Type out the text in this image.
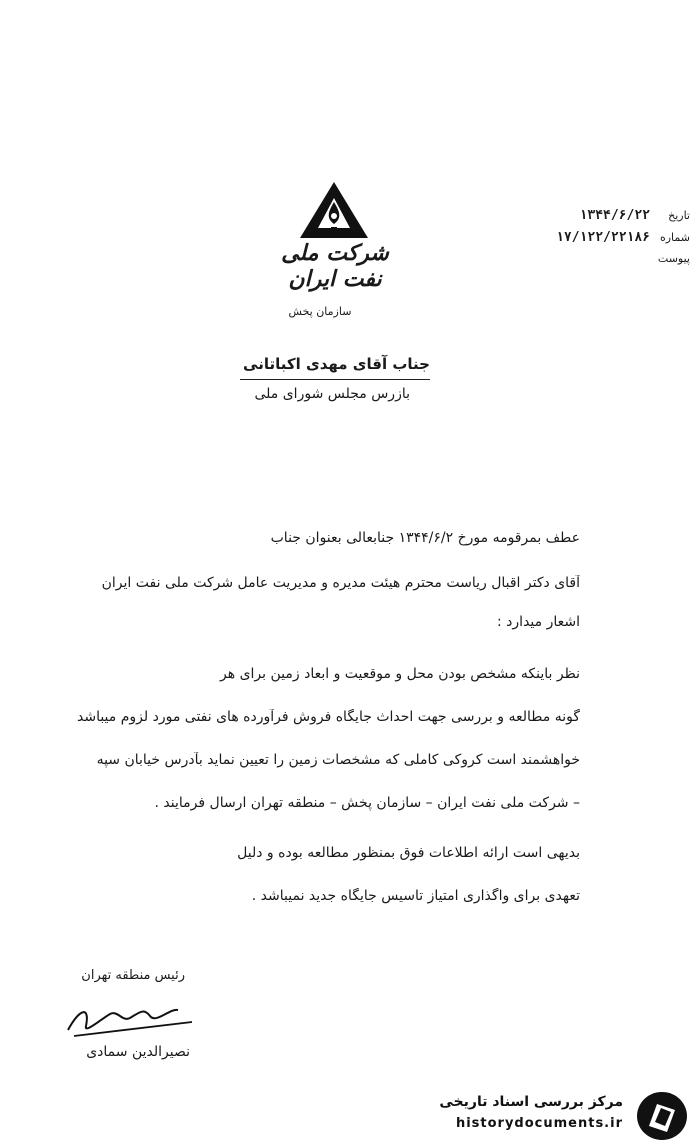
شرکت ملی نفت ایران
سازمان پخش
تاریخ
۱۳۴۴/۶/۲۲
شماره
۱۷/۱۲۲/۲۲۱۸۶
پیوست
جناب آقای مهدی اکباتانی
بازرس مجلس شورای ملی
عطف بمرقومه مورخ ۱۳۴۴/۶/۲ جنابعالی بعنوان جناب
آقای دکتر اقبال ریاست محترم هیئت مدیره و مدیریت عامل شرکت ملی نفت ایران
اشعار میدارد :
نظر باینکه مشخص بودن محل و موقعیت و ابعاد زمین برای هر
گونه مطالعه و بررسی جهت احداث جایگاه فروش فرآورده های نفتی مورد لزوم میباشد
خواهشمند است کروکی کاملی که مشخصات زمین را تعیین نماید بآدرس خیابان سپه
– شرکت ملی نفت ایران – سازمان پخش – منطقه تهران ارسال فرمایند .
بدیهی است ارائه اطلاعات فوق بمنظور مطالعه بوده و دلیل
تعهدی برای واگذاری امتیاز تاسیس جایگاه جدید نمیباشد .
رئیس منطقه تهران
نصیرالدین سمادی
مرکز بررسی اسناد تاریخی
historydocuments.ir
